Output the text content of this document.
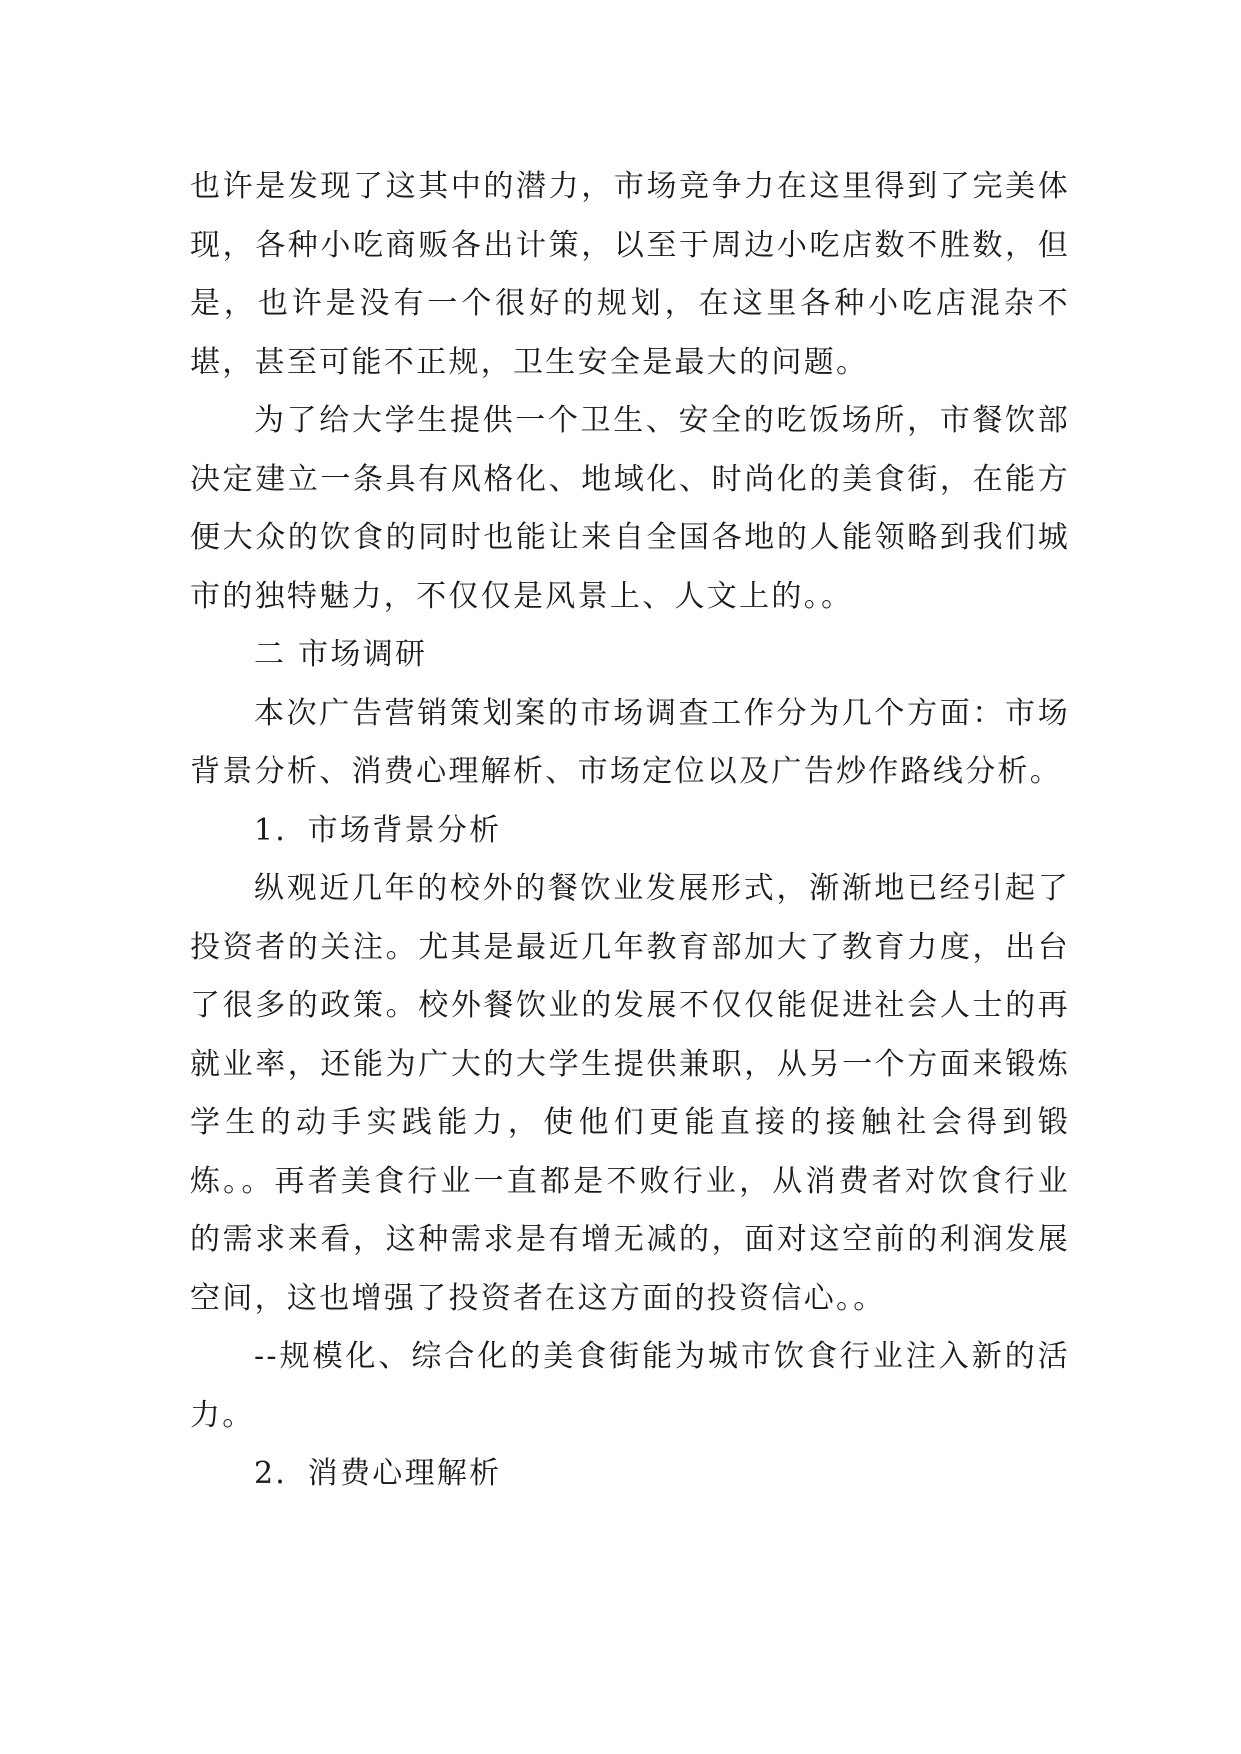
也许是发现了这其中的潜力，市场竞争力在这里得到了完美体现，各种小吃商贩各出计策，以至于周边小吃店数不胜数，但是，也许是没有一个很好的规划，在这里各种小吃店混杂不堪，甚至可能不正规，卫生安全是最大的问题。

为了给大学生提供一个卫生、安全的吃饭场所，市餐饮部决定建立一条具有风格化、地域化、时尚化的美食街，在能方便大众的饮食的同时也能让来自全国各地的人能领略到我们城市的独特魅力，不仅仅是风景上、人文上的。。

二 市场调研

本次广告营销策划案的市场调查工作分为几个方面：市场背景分析、消费心理解析、市场定位以及广告炒作路线分析。

1．市场背景分析

纵观近几年的校外的餐饮业发展形式，渐渐地已经引起了投资者的关注。尤其是最近几年教育部加大了教育力度，出台了很多的政策。校外餐饮业的发展不仅仅能促进社会人士的再就业率，还能为广大的大学生提供兼职，从另一个方面来锻炼学生的动手实践能力，使他们更能直接的接触社会得到锻炼。。再者美食行业一直都是不败行业，从消费者对饮食行业的需求来看，这种需求是有增无减的，面对这空前的利润发展空间，这也增强了投资者在这方面的投资信心。。

--规模化、综合化的美食街能为城市饮食行业注入新的活力。

2．消费心理解析
